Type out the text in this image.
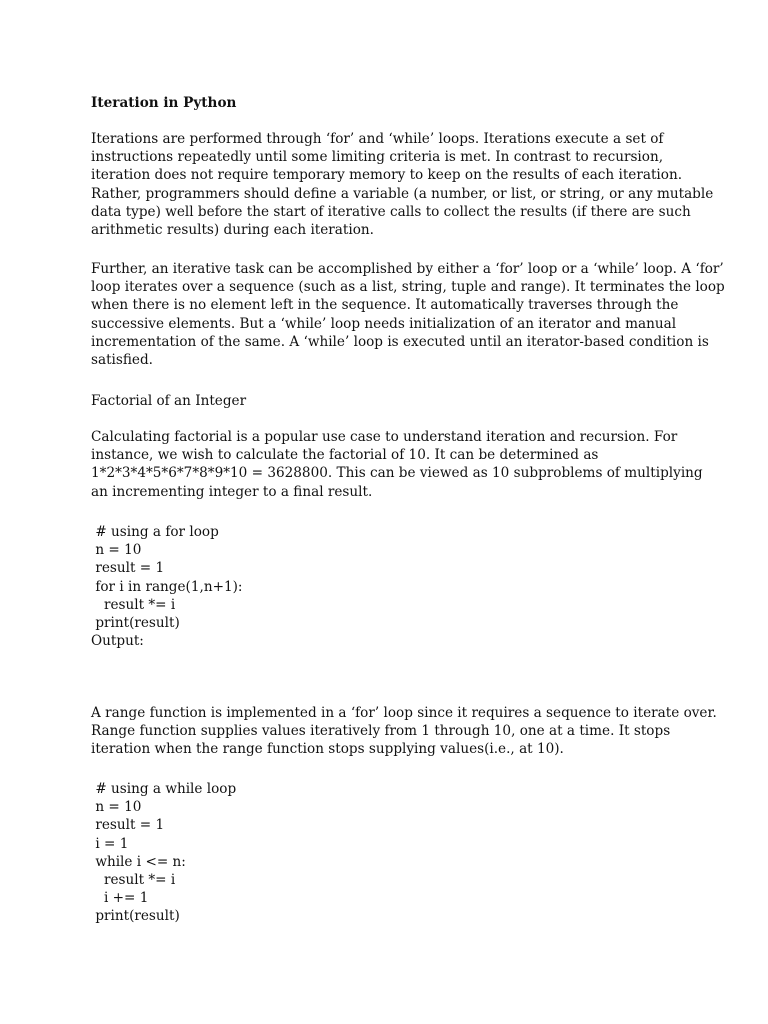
Iteration in Python
Iterations are performed through ‘for’ and ‘while’ loops. Iterations execute a set of
instructions repeatedly until some limiting criteria is met. In contrast to recursion,
iteration does not require temporary memory to keep on the results of each iteration.
Rather, programmers should define a variable (a number, or list, or string, or any mutable
data type) well before the start of iterative calls to collect the results (if there are such
arithmetic results) during each iteration.
Further, an iterative task can be accomplished by either a ‘for’ loop or a ‘while’ loop. A ‘for’
loop iterates over a sequence (such as a list, string, tuple and range). It terminates the loop
when there is no element left in the sequence. It automatically traverses through the
successive elements. But a ‘while’ loop needs initialization of an iterator and manual
incrementation of the same. A ‘while’ loop is executed until an iterator-based condition is
satisfied.
Factorial of an Integer
Calculating factorial is a popular use case to understand iteration and recursion. For
instance, we wish to calculate the factorial of 10. It can be determined as
1*2*3*4*5*6*7*8*9*10 = 3628800. This can be viewed as 10 subproblems of multiplying
an incrementing integer to a final result.
# using a for loop
n = 10
result = 1
for i in range(1,n+1):
result *= i
print(result)
Output:
A range function is implemented in a ‘for’ loop since it requires a sequence to iterate over.
Range function supplies values iteratively from 1 through 10, one at a time. It stops
iteration when the range function stops supplying values(i.e., at 10).
# using a while loop
n = 10
result = 1
i = 1
while i <= n:
result *= i
i += 1
print(result)
